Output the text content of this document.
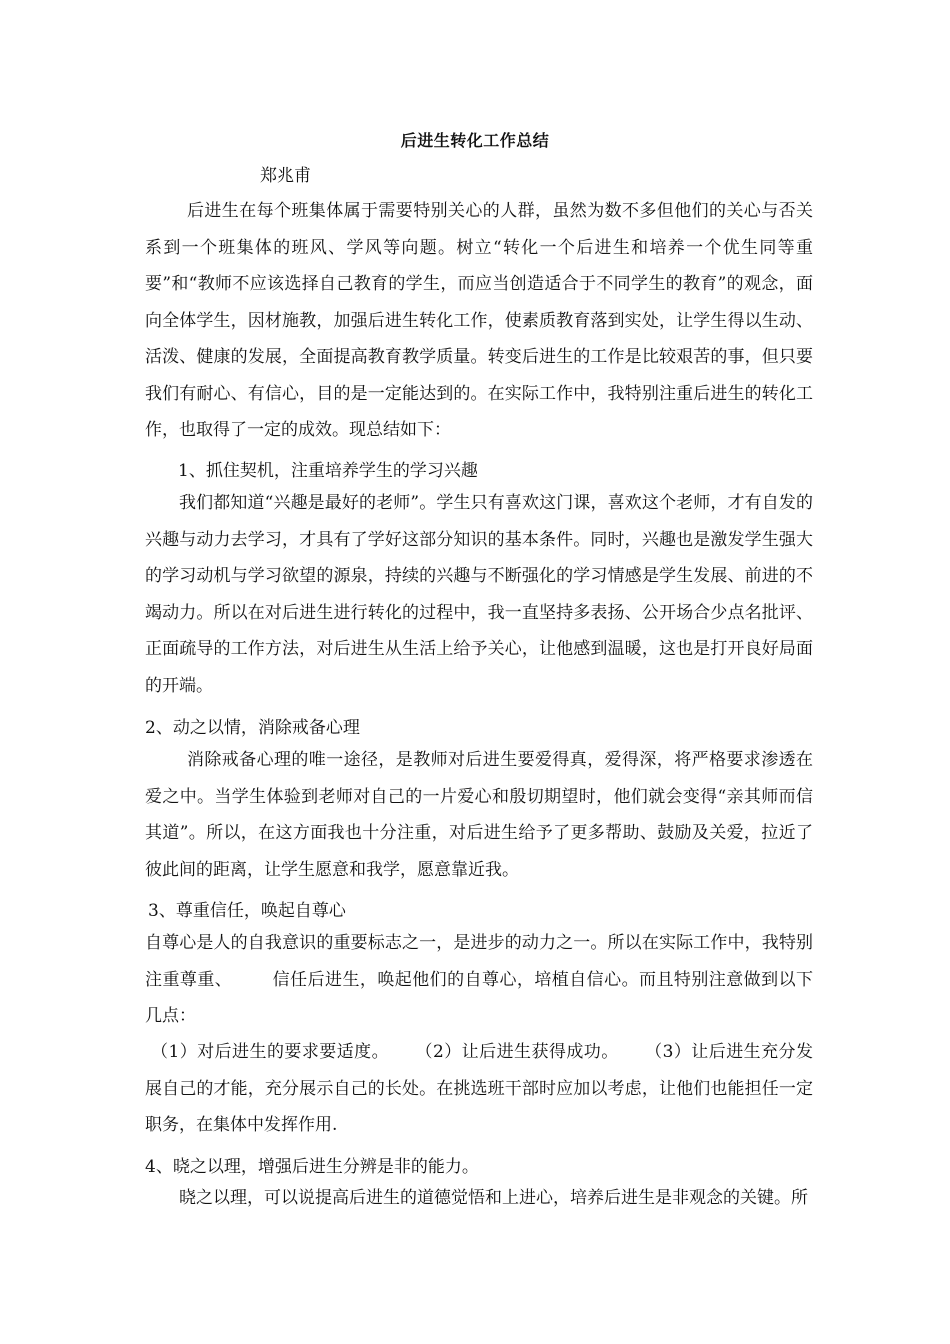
后进生转化工作总结
郑兆甫

后进生在每个班集体属于需要特别关心的人群，虽然为数不多但他们的关心与否关系到一个班集体的班风、学风等向题。树立“转化一个后进生和培养一个优生同等重要”和“教师不应该选择自己教育的学生，而应当创造适合于不同学生的教育”的观念，面向全体学生，因材施教，加强后进生转化工作，使素质教育落到实处，让学生得以生动、活泼、健康的发展，全面提高教育教学质量。转变后进生的工作是比较艰苦的事，但只要我们有耐心、有信心，目的是一定能达到的。在实际工作中，我特别注重后进生的转化工作，也取得了一定的成效。现总结如下：

1、抓住契机，注重培养学生的学习兴趣

我们都知道“兴趣是最好的老师”。学生只有喜欢这门课，喜欢这个老师，才有自发的兴趣与动力去学习，才具有了学好这部分知识的基本条件。同时，兴趣也是激发学生强大的学习动机与学习欲望的源泉，持续的兴趣与不断强化的学习情感是学生发展、前进的不竭动力。所以在对后进生进行转化的过程中，我一直坚持多表扬、公开场合少点名批评、正面疏导的工作方法，对后进生从生活上给予关心，让他感到温暖，这也是打开良好局面的开端。

2、动之以情，消除戒备心理

消除戒备心理的唯一途径，是教师对后进生要爱得真，爱得深，将严格要求渗透在爱之中。当学生体验到老师对自己的一片爱心和殷切期望时，他们就会变得“亲其师而信其道”。所以，在这方面我也十分注重，对后进生给予了更多帮助、鼓励及关爱，拉近了彼此间的距离，让学生愿意和我学，愿意靠近我。

3、尊重信任，唤起自尊心

自尊心是人的自我意识的重要标志之一，是进步的动力之一。所以在实际工作中，我特别注重尊重、 信任后进生，唤起他们的自尊心，培植自信心。而且特别注意做到以下几点：

（1）对后进生的要求要适度。 （2）让后进生获得成功。 （3）让后进生充分发展自己的才能，充分展示自己的长处。在挑选班干部时应加以考虑，让他们也能担任一定职务，在集体中发挥作用.

4、晓之以理，增强后进生分辨是非的能力。

晓之以理，可以说提高后进生的道德觉悟和上进心，培养后进生是非观念的关键。所
